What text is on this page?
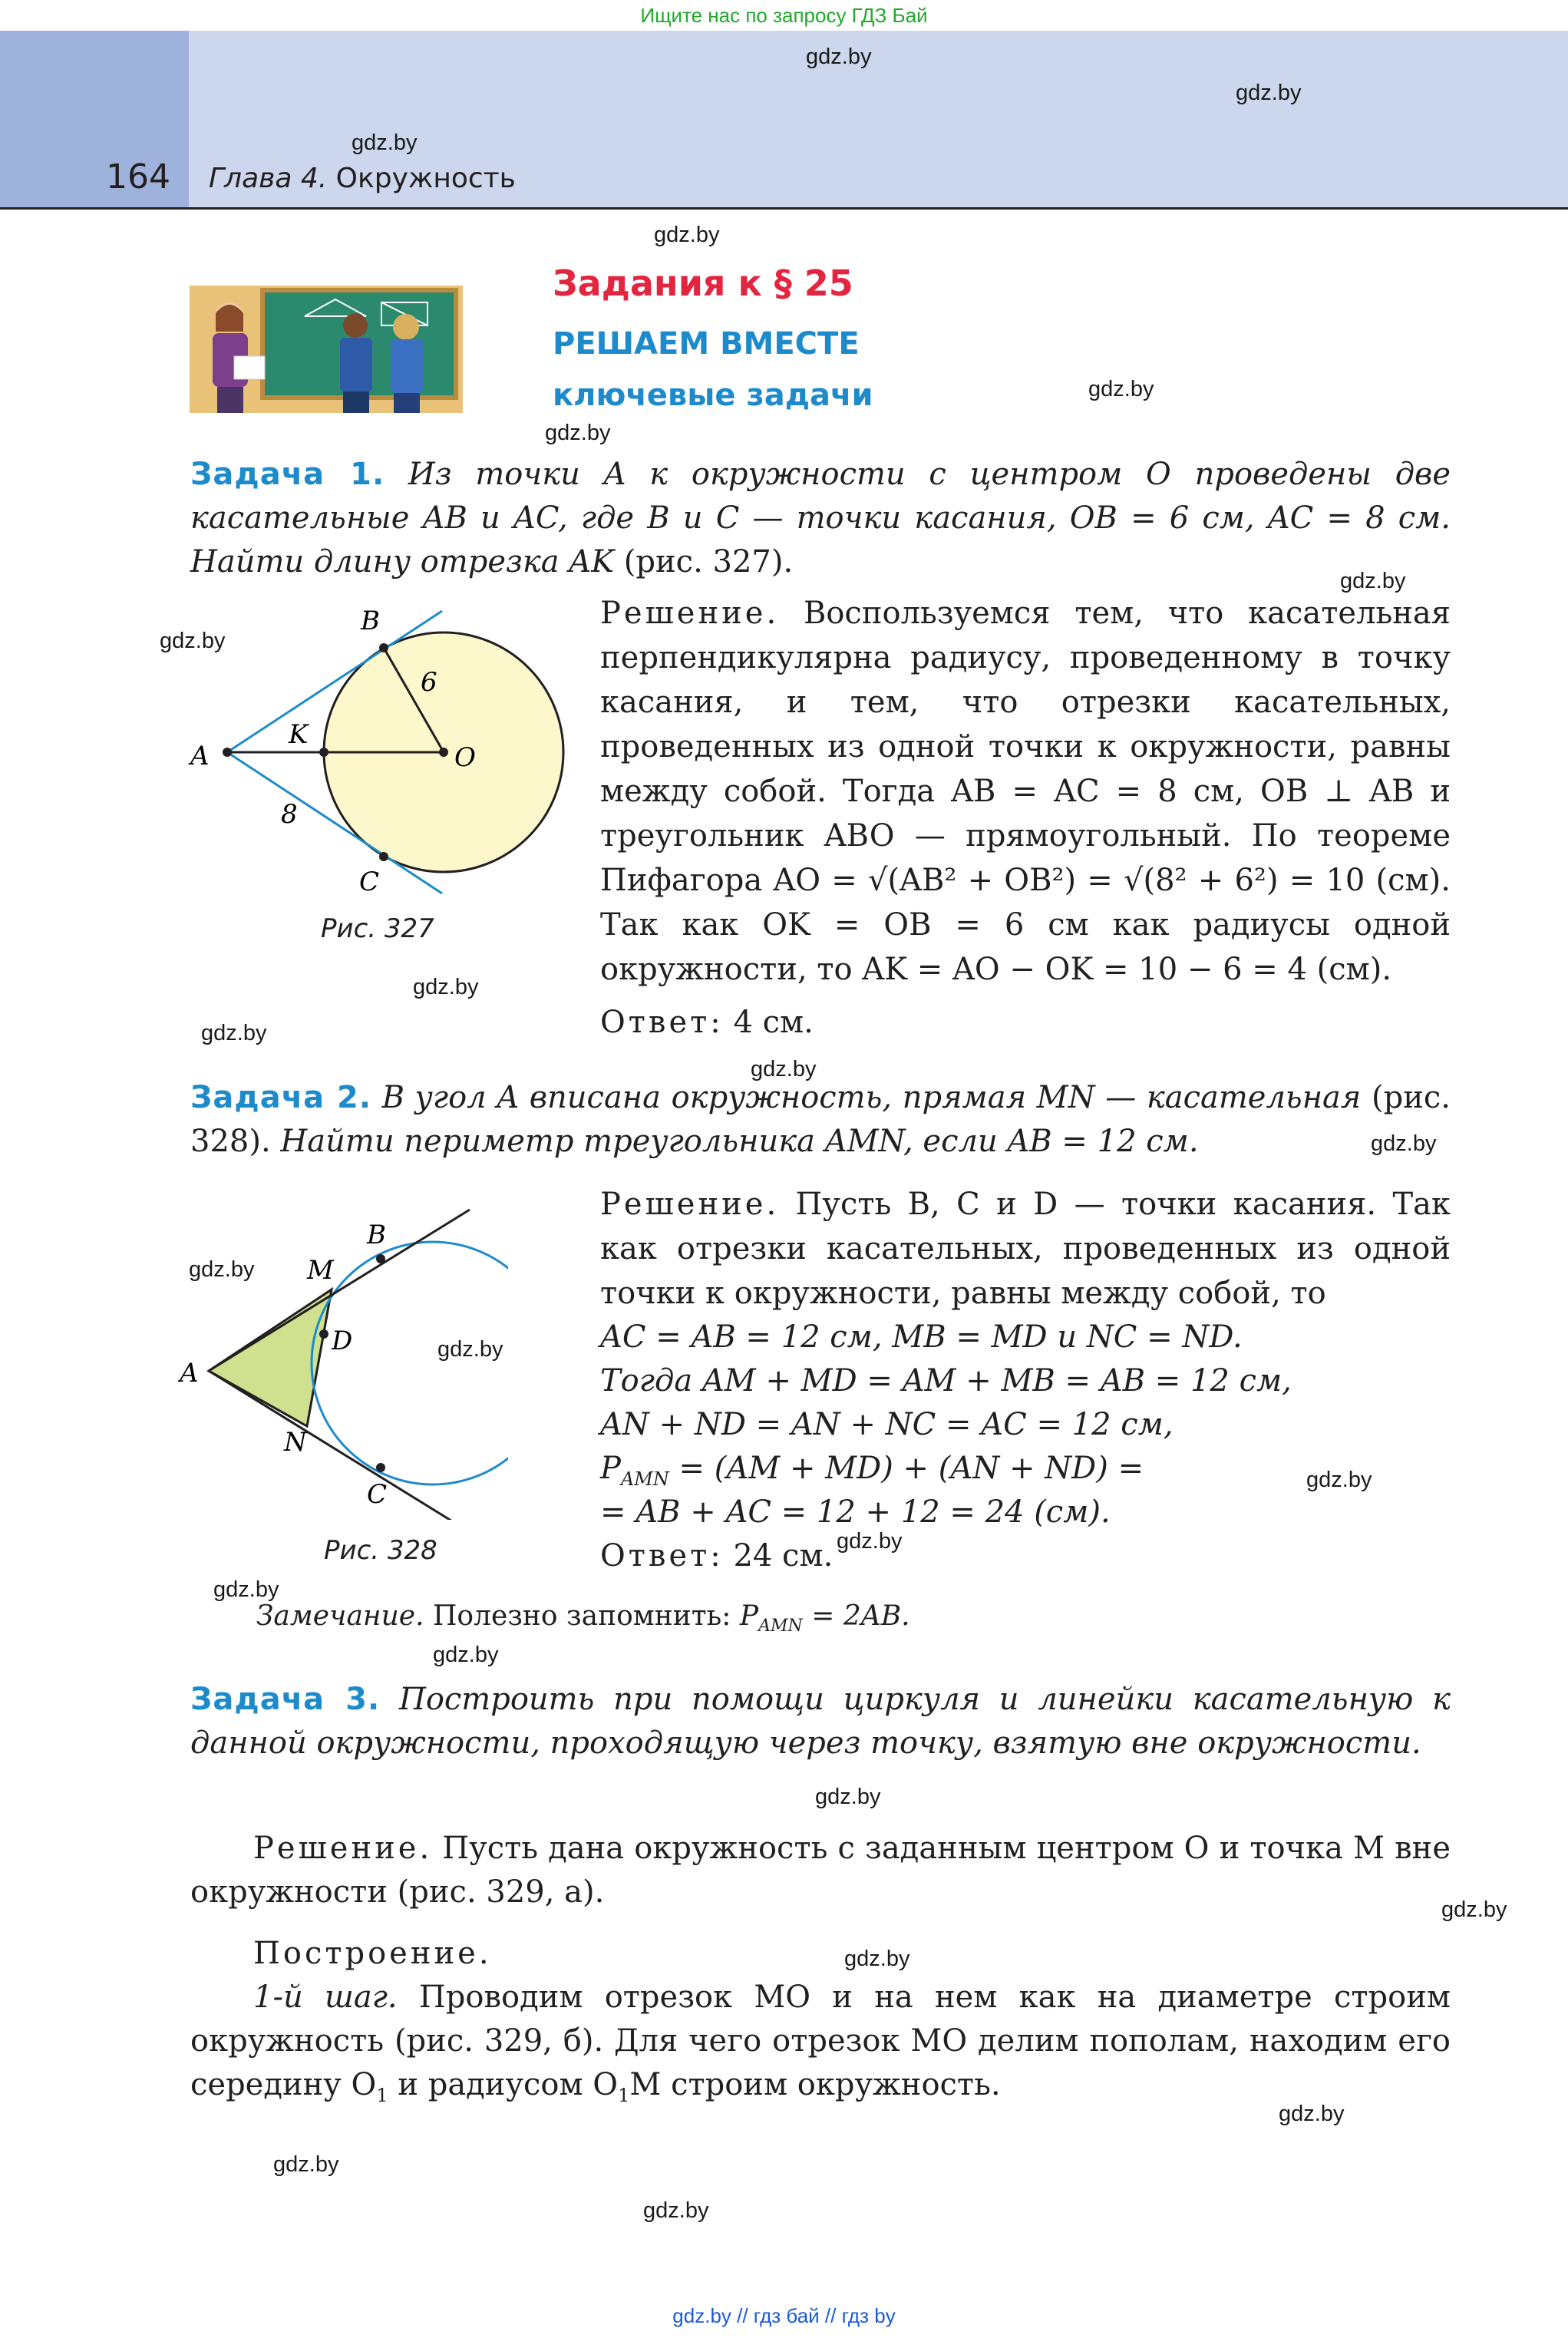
Ищите нас по запросу ГДЗ Бай
164 Глава 4. Окружность
gdz.by
gdz.by
gdz.by
gdz.by
gdz.by
gdz.by
gdz.by
gdz.by
gdz.by
gdz.by
gdz.by
gdz.by
gdz.by
gdz.by
gdz.by
gdz.by
gdz.by
gdz.by
gdz.by
gdz.by
gdz.by
gdz.by
gdz.by
gdz.by
Задания к § 25
РЕШАЕМ ВМЕСТЕ
ключевые задачи
Задача 1. Из точки A к окружности с центром O проведены две касательные AB и AC, где B и C — точки касания, OB = 6 см, AC = 8 см. Найти длину отрезка AK (рис. 327).
A
B
C
K
O
6
8
Рис. 327
Решение. Воспользуемся тем, что касательная перпендикулярна радиусу, проведенному в точку касания, и тем, что отрезки касательных, проведенных из одной точки к окружности, равны между собой. Тогда AB = AC = 8 см, OB ⊥ AB и треугольник ABO — прямоугольный. По теореме Пифагора AO = √(AB² + OB²) = √(8² + 6²) = 10 (см). Так как OK = OB = 6 см как радиусы одной окружности, то AK = AO − OK = 10 − 6 = 4 (см).
Ответ: 4 см.
Задача 2. В угол A вписана окружность, прямая MN — касательная (рис. 328). Найти периметр треугольника AMN, если AB = 12 см.
A
B
C
D
M
N
Рис. 328
Решение. Пусть B, C и D — точки касания. Так как отрезки касательных, проведенных из одной точки к окружности, равны между собой, то
AC = AB = 12 см, MB = MD и NC = ND.
Тогда AM + MD = AM + MB = AB = 12 см,
AN + ND = AN + NC = AC = 12 см,
$P_{AMN} = (AM + MD) + (AN + ND)$ =
= AB + AC = 12 + 12 = 24 (см).
Ответ: 24 см.
Замечание. Полезно запомнить: $P_{AMN} = 2AB$.
Задача 3. Построить при помощи циркуля и линейки касательную к данной окружности, проходящую через точку, взятую вне окружности.
Решение. Пусть дана окружность с заданным центром O и точка M вне окружности (рис. 329, а).
Построение.
1-й шаг. Проводим отрезок MO и на нем как на диаметре строим окружность (рис. 329, б). Для чего отрезок MO делим пополам, находим его середину $O_1$ и радиусом $O_1M$ строим окружность.
gdz.by // гдз бай // гдз by
